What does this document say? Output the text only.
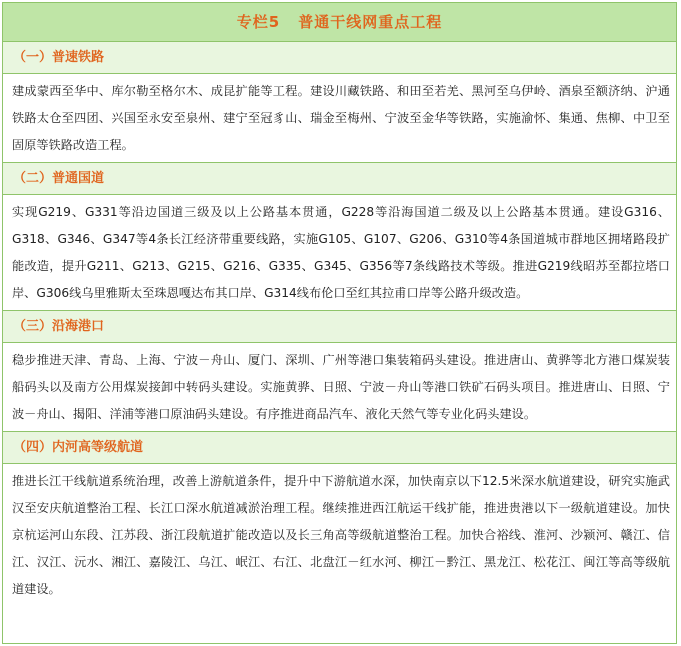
专栏5 普通干线网重点工程
（一）普速铁路
建成蒙西至华中、库尔勒至格尔木、成昆扩能等工程。建设川藏铁路、和田至若羌、黑河至乌伊岭、酒泉至额济纳、沪通铁路太仓至四团、兴国至永安至泉州、建宁至冠豸山、瑞金至梅州、宁波至金华等铁路，实施渝怀、集通、焦柳、中卫至固原等铁路改造工程。
（二）普通国道
实现G219、G331等沿边国道三级及以上公路基本贯通，G228等沿海国道二级及以上公路基本贯通。建设G316、G318、G346、G347等4条长江经济带重要线路，实施G105、G107、G206、G310等4条国道城市群地区拥堵路段扩能改造，提升G211、G213、G215、G216、G335、G345、G356等7条线路技术等级。推进G219线昭苏至都拉塔口岸、G306线乌里雅斯太至珠恩嘎达布其口岸、G314线布伦口至红其拉甫口岸等公路升级改造。
（三）沿海港口
稳步推进天津、青岛、上海、宁波－舟山、厦门、深圳、广州等港口集装箱码头建设。推进唐山、黄骅等北方港口煤炭装船码头以及南方公用煤炭接卸中转码头建设。实施黄骅、日照、宁波－舟山等港口铁矿石码头项目。推进唐山、日照、宁波－舟山、揭阳、洋浦等港口原油码头建设。有序推进商品汽车、液化天然气等专业化码头建设。
（四）内河高等级航道
推进长江干线航道系统治理，改善上游航道条件，提升中下游航道水深，加快南京以下12.5米深水航道建设，研究实施武汉至安庆航道整治工程、长江口深水航道减淤治理工程。继续推进西江航运干线扩能，推进贵港以下一级航道建设。加快京杭运河山东段、江苏段、浙江段航道扩能改造以及长三角高等级航道整治工程。加快合裕线、淮河、沙颍河、赣江、信江、汉江、沅水、湘江、嘉陵江、乌江、岷江、右江、北盘江－红水河、柳江－黔江、黑龙江、松花江、闽江等高等级航道建设。
